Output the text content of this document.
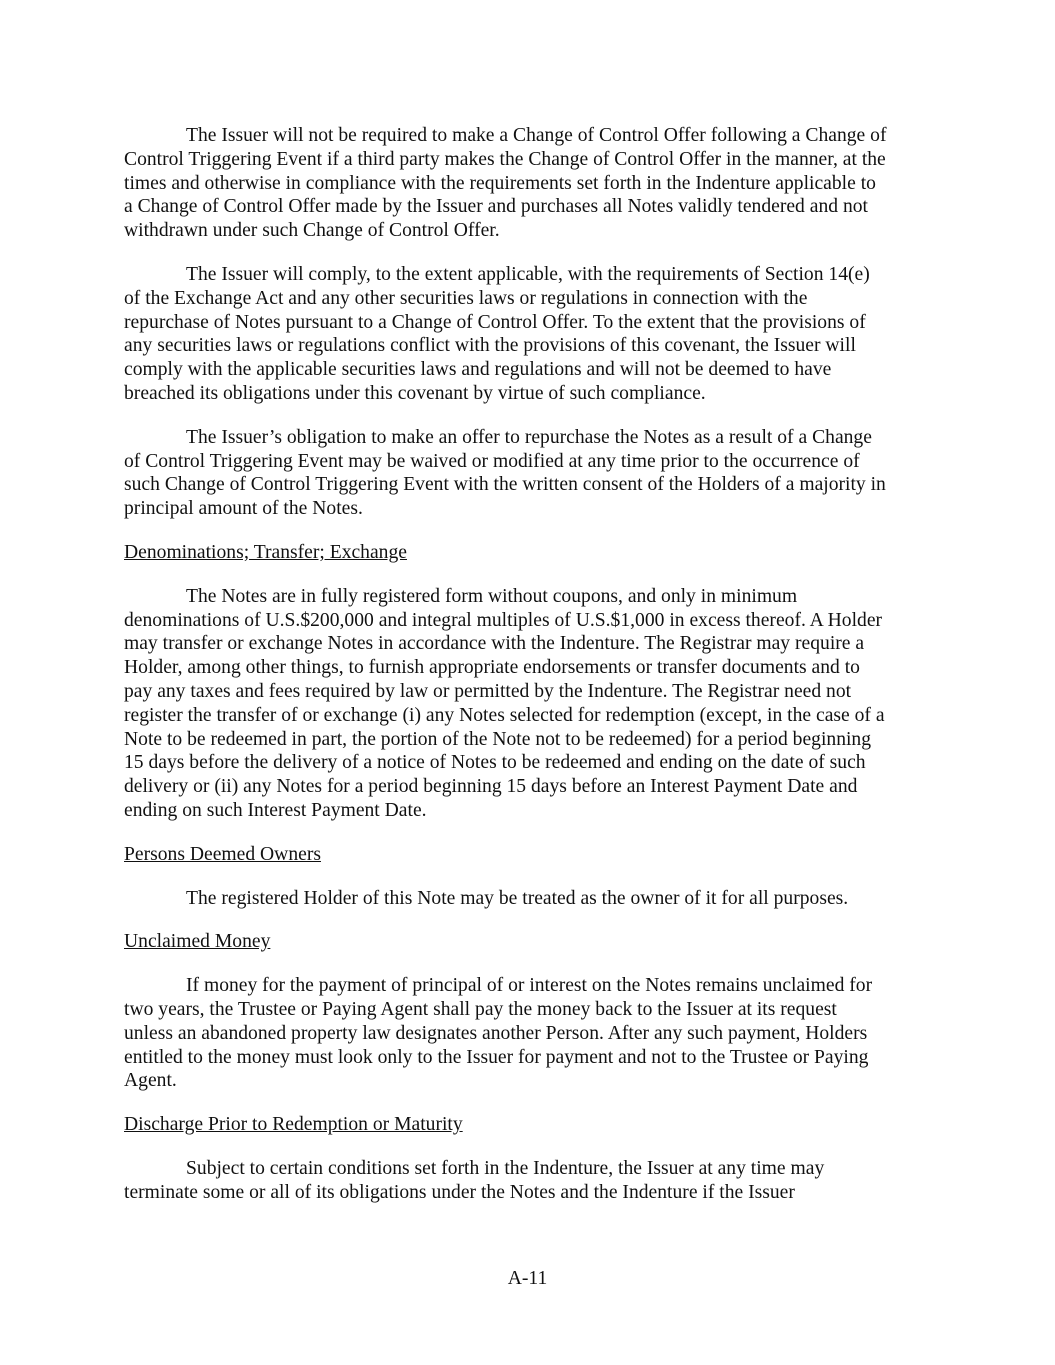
The Issuer will not be required to make a Change of Control Offer following a Change of
Control Triggering Event if a third party makes the Change of Control Offer in the manner, at the
times and otherwise in compliance with the requirements set forth in the Indenture applicable to
a Change of Control Offer made by the Issuer and purchases all Notes validly tendered and not
withdrawn under such Change of Control Offer.
The Issuer will comply, to the extent applicable, with the requirements of Section 14(e)
of the Exchange Act and any other securities laws or regulations in connection with the
repurchase of Notes pursuant to a Change of Control Offer. To the extent that the provisions of
any securities laws or regulations conflict with the provisions of this covenant, the Issuer will
comply with the applicable securities laws and regulations and will not be deemed to have
breached its obligations under this covenant by virtue of such compliance.
The Issuer’s obligation to make an offer to repurchase the Notes as a result of a Change
of Control Triggering Event may be waived or modified at any time prior to the occurrence of
such Change of Control Triggering Event with the written consent of the Holders of a majority in
principal amount of the Notes.
Denominations; Transfer; Exchange
The Notes are in fully registered form without coupons, and only in minimum
denominations of U.S.$200,000 and integral multiples of U.S.$1,000 in excess thereof. A Holder
may transfer or exchange Notes in accordance with the Indenture. The Registrar may require a
Holder, among other things, to furnish appropriate endorsements or transfer documents and to
pay any taxes and fees required by law or permitted by the Indenture. The Registrar need not
register the transfer of or exchange (i) any Notes selected for redemption (except, in the case of a
Note to be redeemed in part, the portion of the Note not to be redeemed) for a period beginning
15 days before the delivery of a notice of Notes to be redeemed and ending on the date of such
delivery or (ii) any Notes for a period beginning 15 days before an Interest Payment Date and
ending on such Interest Payment Date.
Persons Deemed Owners
The registered Holder of this Note may be treated as the owner of it for all purposes.
Unclaimed Money
If money for the payment of principal of or interest on the Notes remains unclaimed for
two years, the Trustee or Paying Agent shall pay the money back to the Issuer at its request
unless an abandoned property law designates another Person. After any such payment, Holders
entitled to the money must look only to the Issuer for payment and not to the Trustee or Paying
Agent.
Discharge Prior to Redemption or Maturity
Subject to certain conditions set forth in the Indenture, the Issuer at any time may
terminate some or all of its obligations under the Notes and the Indenture if the Issuer
A-11
